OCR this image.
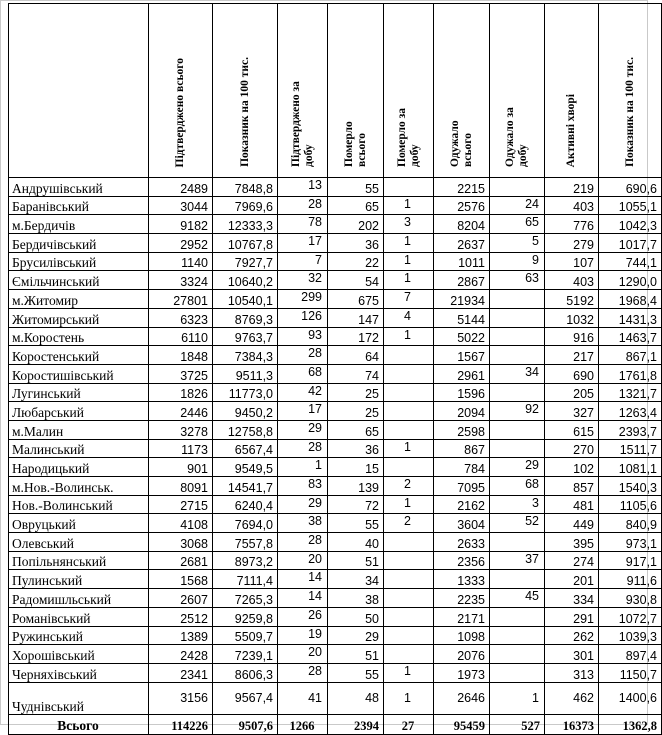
	Підтверджено всього	Показник на 100 тис.	Підтверджено за добу	Померло всього	Померло за добу	Одужало всього	Одужало за добу	Активні хворі	Показник на 100 тис.
Андрушівський	2489	7848,8	13	55		2215		219	690,6
Баранівський	3044	7969,6	28	65	1	2576	24	403	1055,1
м.Бердичів	9182	12333,3	78	202	3	8204	65	776	1042,3
Бердичівський	2952	10767,8	17	36	1	2637	5	279	1017,7
Брусилівський	1140	7927,7	7	22	1	1011	9	107	744,1
Ємільчинський	3324	10640,2	32	54	1	2867	63	403	1290,0
м.Житомир	27801	10540,1	299	675	7	21934		5192	1968,4
Житомирський	6323	8769,3	126	147	4	5144		1032	1431,3
м.Коростень	6110	9763,7	93	172	1	5022		916	1463,7
Коростенський	1848	7384,3	28	64		1567		217	867,1
Коростишівський	3725	9511,3	68	74		2961	34	690	1761,8
Лугинський	1826	11773,0	42	25		1596		205	1321,7
Любарський	2446	9450,2	17	25		2094	92	327	1263,4
м.Малин	3278	12758,8	29	65		2598		615	2393,7
Малинський	1173	6567,4	28	36	1	867		270	1511,7
Народицький	901	9549,5	1	15		784	29	102	1081,1
м.Нов.-Волинськ.	8091	14541,7	83	139	2	7095	68	857	1540,3
Нов.-Волинський	2715	6240,4	29	72	1	2162	3	481	1105,6
Овруцький	4108	7694,0	38	55	2	3604	52	449	840,9
Олевський	3068	7557,8	28	40		2633		395	973,1
Попільнянський	2681	8973,2	20	51		2356	37	274	917,1
Пулинський	1568	7111,4	14	34		1333		201	911,6
Радомишльський	2607	7265,3	14	38		2235	45	334	930,8
Романівський	2512	9259,8	26	50		2171		291	1072,7
Ружинський	1389	5509,7	19	29		1098		262	1039,3
Хорошівський	2428	7239,1	20	51		2076		301	897,4
Черняхівський	2341	8606,3	28	55	1	1973		313	1150,7
Чуднівський	3156	9567,4	41	48	1	2646	1	462	1400,6
Всього	114226	9507,6	1266	2394	27	95459	527	16373	1362,8
